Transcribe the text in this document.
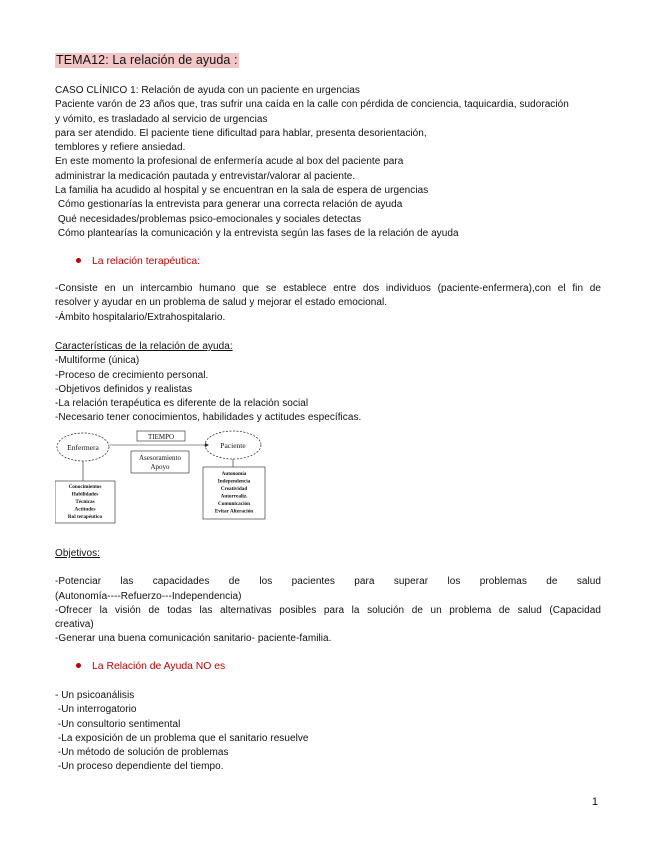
TEMA12: La relación de ayuda :

CASO CLÍNICO 1: Relación de ayuda con un paciente en urgencias

Paciente varón de 23 años que, tras sufrir una caída en la calle con pérdida de conciencia, taquicardia, sudoración

y vómito, es trasladado al servicio de urgencias

para ser atendido. El paciente tiene dificultad para hablar, presenta desorientación,

temblores y refiere ansiedad.

En este momento la profesional de enfermería acude al box del paciente para

administrar la medicación pautada y entrevistar/valorar al paciente.

La familia ha acudido al hospital y se encuentran en la sala de espera de urgencias

Cómo gestionarías la entrevista para generar una correcta relación de ayuda

Qué necesidades/problemas psico-emocionales y sociales detectas

Cómo plantearías la comunicación y la entrevista según las fases de la relación de ayuda

La relación terapéutica:

-Consiste en un intercambio humano que se establece entre dos individuos (paciente-enfermera),con el fin de

resolver y ayudar en un problema de salud y mejorar el estado emocional.

-Ámbito hospitalario/Extrahospitalario.

Características de la relación de ayuda:

-Multiforme (única)

-Proceso de crecimiento personal.

-Objetivos definidos y realistas

-La relación terapéutica es diferente de la relación social

-Necesario tener conocimientos, habilidades y actitudes específicas.

Enfermera	Paciente
TIEMPO
Asesoramiento
Apoyo
Conocimientos
Habilidades
Técnicas
Actitudes
Rol terapéutico
Autonomía
Independencia
Creatividad
Autorrealiz.
Comunicación
Evitar Alteración

Objetivos:

-Potenciar las capacidades de los pacientes para superar los problemas de salud

(Autonomía----Refuerzo---Independencia)

-Ofrecer la visión de todas las alternativas posibles para la solución de un problema de salud (Capacidad

creativa)

-Generar una buena comunicación sanitario- paciente-familia.

La Relación de Ayuda NO es

- Un psicoanálisis

-Un interrogatorio

-Un consultorio sentimental

-La exposición de un problema que el sanitario resuelve

-Un método de solución de problemas

-Un proceso dependiente del tiempo.

1
